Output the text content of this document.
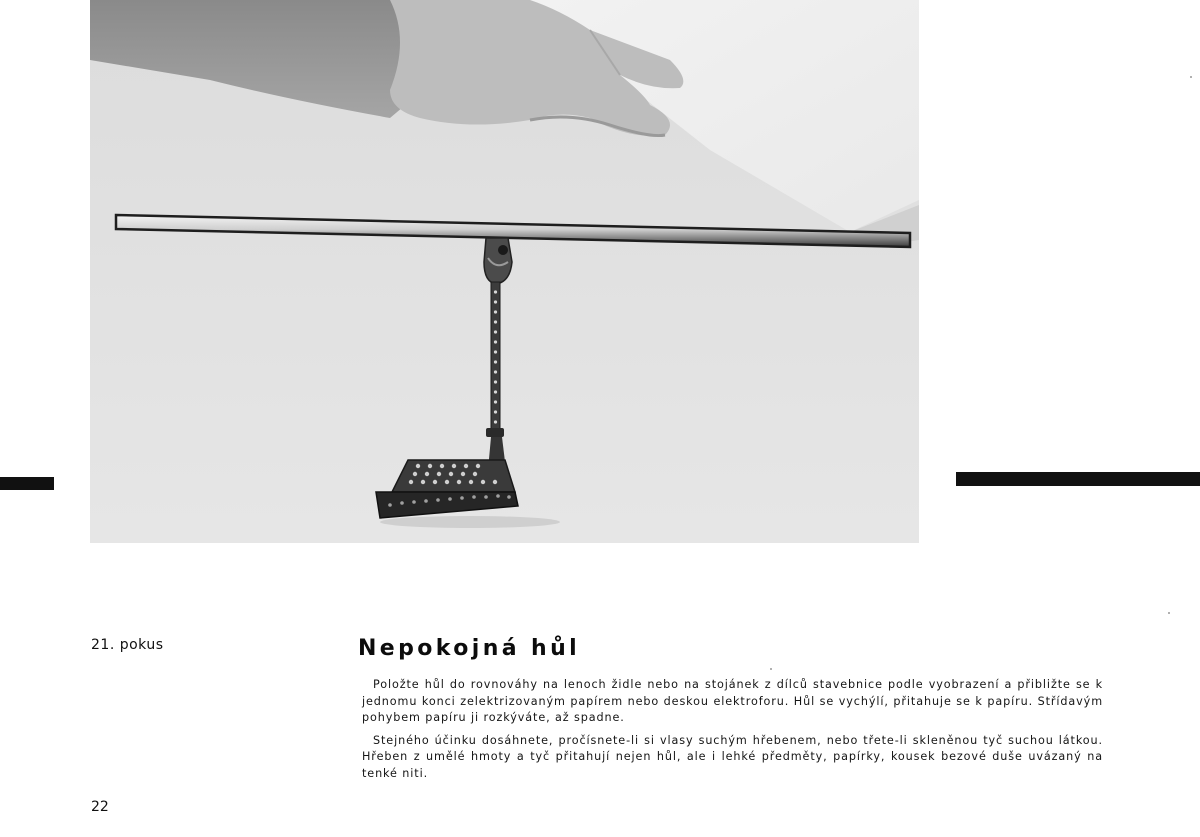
21. pokus	Nepokojná hůl

Položte hůl do rovnováhy na lenoch židle nebo na stojánek z dílců stavebnice podle vyobrazení a přibližte se k jednomu konci zelektrizovaným papírem nebo deskou elektroforu. Hůl se vychýlí, přitahuje se k papíru. Střídavým pohybem papíru ji rozkýváte, až spadne.

Stejného účinku dosáhnete, pročísnete-li si vlasy suchým hřebenem, nebo třete-li skleněnou tyč suchou látkou. Hřeben z umělé hmoty a tyč přitahují nejen hůl, ale i lehké předměty, papírky, kousek bezové duše uvázaný na tenké niti.

22
